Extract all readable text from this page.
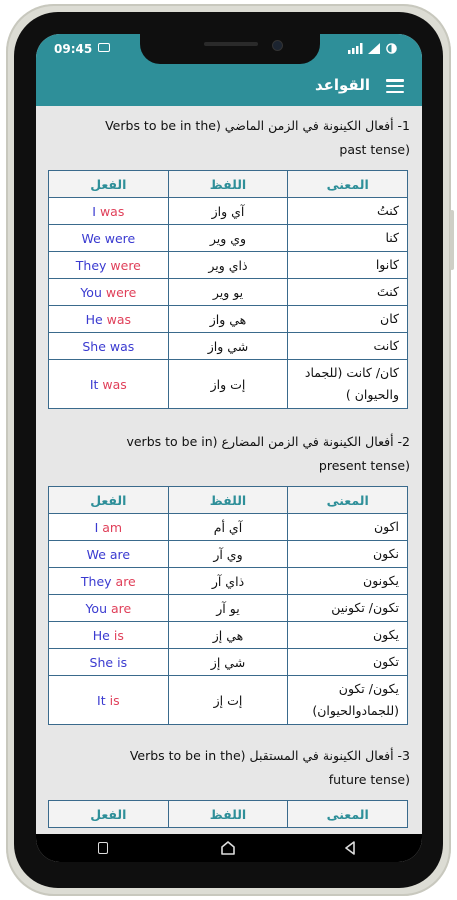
09:45
القواعد
1- أفعال الكينونة في الزمن الماضي (Verbs to be in the
past tense)
الفعل	اللفظ	المعنى
I was	آي واز	كنتُ
We were	وي وير	كنا
They were	ذاي وير	كانوا
You were	يو وير	كنتَ
He was	هي واز	كان
She was	شي واز	كانت
It was	إت واز	كان/ كانت (للجماد والحيوان )
2- أفعال الكينونة في الزمن المضارع (verbs to be in
present tense)
الفعل	اللفظ	المعنى
I am	آي أم	اكون
We are	وي آر	نكون
They are	ذاي آر	يكونون
You are	يو آر	تكون/ تكونين
He is	هي إز	يكون
She is	شي إز	تكون
It is	إت إز	يكون/ تكون (للجمادوالحيوان)
3- أفعال الكينونة في المستقبل (Verbs to be in the
future tense)
الفعل	اللفظ	المعنى
